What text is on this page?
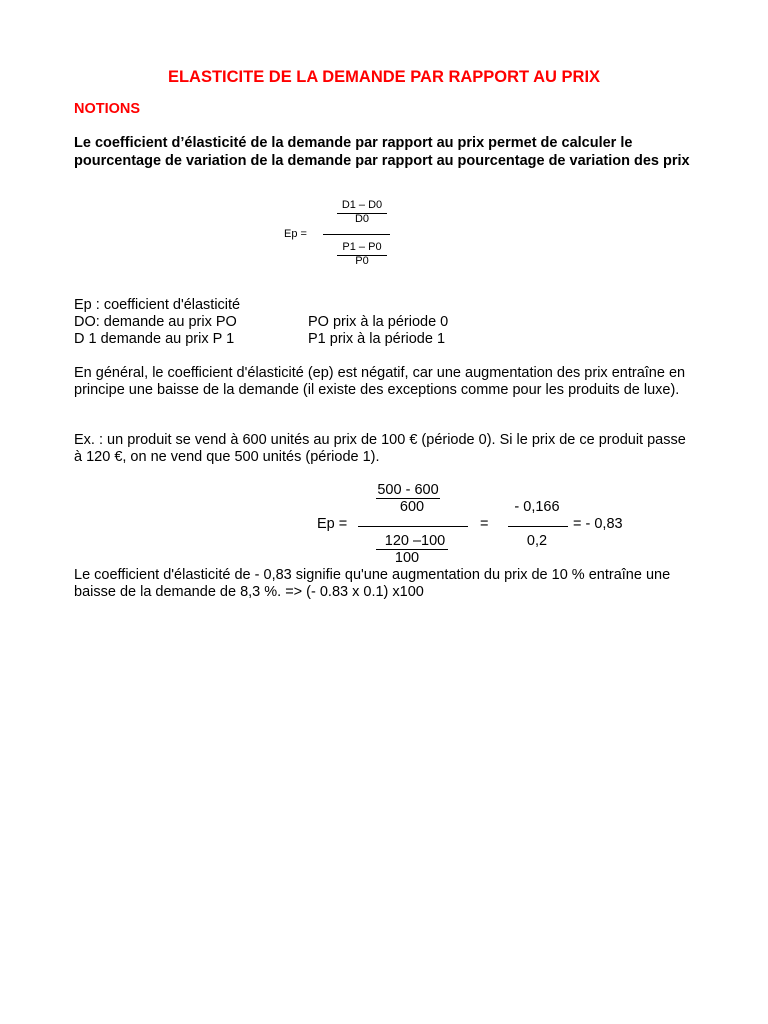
ELASTICITE DE LA DEMANDE PAR RAPPORT AU PRIX
NOTIONS
Le coefficient d’élasticité de la demande par rapport au prix permet de calculer le pourcentage de variation de la demande par rapport au pourcentage de variation des prix
D1 – D0
D0
Ep =
P1 – P0
P0
Ep : coefficient d'élasticité
DO: demande au prix PO	PO prix à la période 0
D 1 demande au prix P 1	P1 prix à la période 1
En général, le coefficient d'élasticité (ep) est négatif, car une augmentation des prix entraîne en principe une baisse de la demande (il existe des exceptions comme pour les produits de luxe).
Ex. : un produit se vend à 600 unités au prix de 100 € (période 0). Si le prix de ce produit passe à 120 €, on ne vend que 500 unités (période 1).
500 - 600
600
Ep =	=
- 0,166
= - 0,83
120 –100	0,2
100
Le coefficient d'élasticité de - 0,83 signifie qu'une augmentation du prix de 10 % entraîne une baisse de la demande de 8,3 %. => (- 0.83 x 0.1) x100
